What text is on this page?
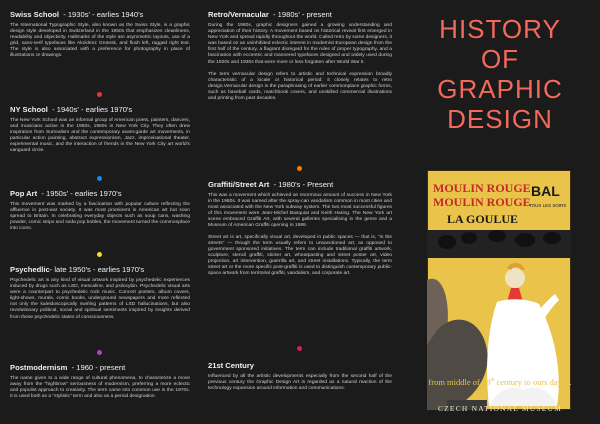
Swiss School - 1930s' - earlies 1940's

The International Typographic Style, also known as the Swiss Style, is a graphic design style developed in Switzerland in the 1950s that emphasizes cleanliness, readability and objectivity. Hallmarks of the style are asymmetric layouts, use of a grid, sans-serif typefaces like Akzidenz Grotesk, and flush left, ragged right text. The style is also associated with a preference for photography in place of illustrations or drawings.

NY School - 1940s' - earlies 1970's

The New York School was an informal group of American poets, painters, dancers, and musicians active in the 1950s, 1960s in New York City. They often drew inspiration from Surrealism and the contemporary avant-garde art movements, in particular action painting, abstract expressionism, Jazz, improvisational theater, experimental music, and the interaction of friends in the New York City art world's vanguard circle.

Pop Art - 1950s' - earlies 1970's

This movement was marked by a fascination with popular culture reflecting the affluence in post-war society. It was most prominent in American art but soon spread to Britain. In celebrating everyday objects such as soup cans, washing powder, comic strips and soda pop bottles, the movement turned the commonplace into icons.

Psychedlic- late 1950's - earlies 1970's

Psychedelic art is any kind of visual artwork inspired by psychedelic experiences induced by drugs such as LSD, mescaline, and psilocybin. Psychedelic visual arts were a counterpart to psychedelic rock music. Concert posters, album covers, light-shows, murals, comic books, underground newspapers and more reflected not only the kaleidoscopically swirling patterns of LSD hallucinations, but also revolutionary political, social and spiritual sentiments inspired by insights derived from these psychedelic states of consciousness.

Postmodernism - 1960 - present

The name given to a wide range of cultural phenomena, to characterize a move away from the "highbrow" seriousness of modernism, preferring a more eclectic and populist approach to creativity. The term came into common use in the 1970s. It is used both as a "stylistic" term and also as a period designation.

Retro/Vernacular - 1980s' - present

During the 1980s, graphic designers gained a growing understanding and appreciation of their history. A movement based on historical revival first emerged in New York and spread rapidly throughout the world. Called retro by some designers, it was based on an uninhibited eclectic interest in modernist European design from the first half of the century, a flagrant disregard for the rules of proper typography, and a fascination with eccentric and mannered typefaces designed and widely used during the 1920s and 1930s that were more or less forgotten after World War II.

The term vernacular design refers to artistic and technical expression broadly characteristic of a locale or historical period: it closely relates to retro design.Vernacular design is the paraphrasing of earlier commonplace graphic forms, such as baseball cards, matchbook covers, and unskilled commercial illustrations and printing from past decades.

Graffiti/Street Art - 1980's - Present

This was a movement which achieved an enormous amount of success in New York in the 1980s. It was named after the spray-can vandalism common in most cities and most associated with the New York subway system. The two most successful figures of this movement were Jean-Michel Basquiat and Keith Haring. The New York art scene embraced Graffiti Art, with several galleries specialising in the genre and a Museum of American Graffiti opening in 1989.

Street art is art, specifically visual art, developed in public spaces — that is, "in the streets" — though the term usually refers to unsanctioned art, as opposed to government sponsored initiatives. The term can include traditional graffiti artwork, sculpture, stencil graffiti, sticker art, wheatpasting and street poster art, video projection, art intervention, guerrilla art, and street installations. Typically, the term street art or the more specific post-graffiti is used to distinguish contemporary public-space artwork from territorial graffiti, vandalism, and corporate art.

21st Century

Influenced by all the artistic developments especially from the second half of the previous century the Graphic Design Art is regarded as a natural reaction of the technology expansion around information and communications.

HISTORY
OF
GRAPHIC
DESIGN
MOULIN ROUGE
MOULIN ROUGE
BAL
TOUS LES SOIRS
LA GOULUE
from middle of 19th century to ours days...
CZECH NATIONAL MUSEUM
